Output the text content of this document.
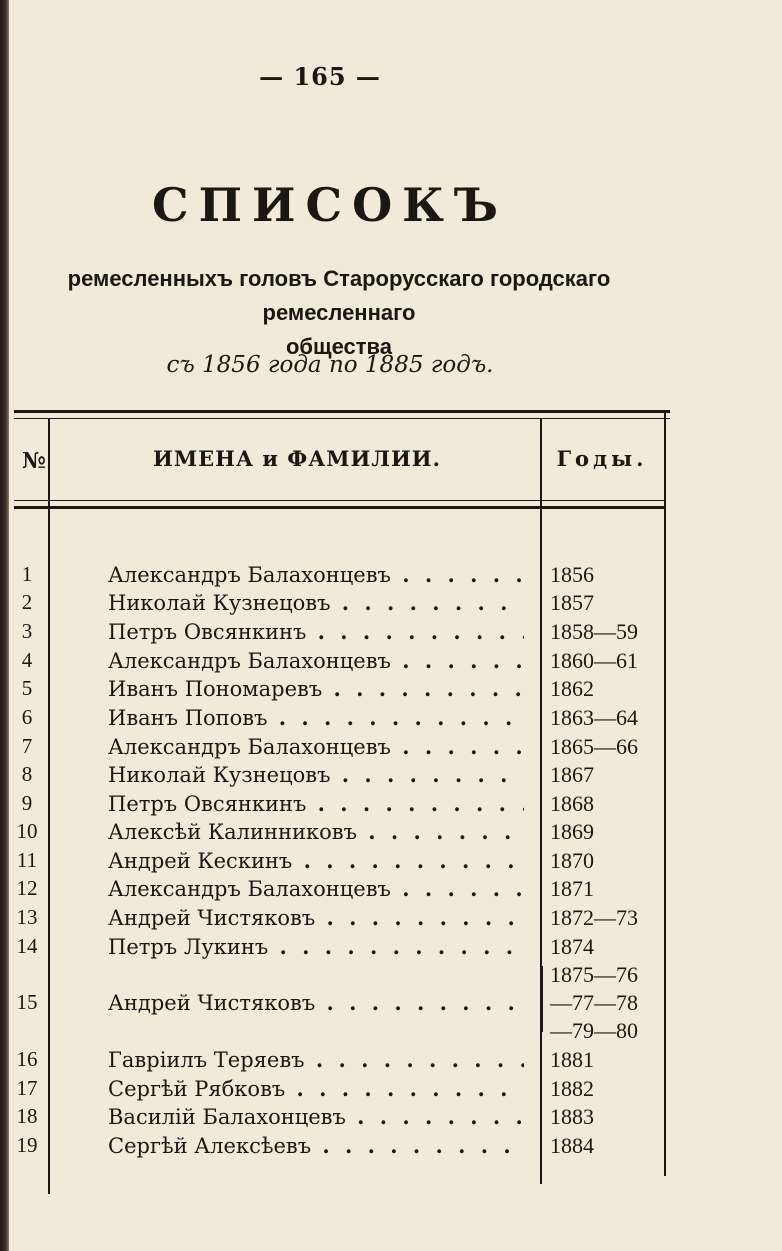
— 165 —
СПИСОКЪ
ремесленныхъ головъ Старорусскаго городскаго ремесленнаго
общества
съ 1856 года по 1885 годъ.
№	ИМЕНА и ФАМИЛИИ.	Годы.
1	Александръ Балахонцевъ . . .	1856
2	Николай Кузнецовъ . . .	1857
3	Петръ Овсянкинъ . . .	1858—59
4	Александръ Балахонцевъ . . .	1860—61
5	Иванъ Пономаревъ . . .	1862
6	Иванъ Поповъ . . .	1863—64
7	Александръ Балахонцевъ . . .	1865—66
8	Николай Кузнецовъ . . .	1867
9	Петръ Овсянкинъ . . .	1868
10	Алексѣй Калинниковъ . . .	1869
11	Андрей Кескинъ . . .	1870
12	Александръ Балахонцевъ . . .	1871
13	Андрей Чистяковъ . . .	1872—73
14	Петръ Лукинъ . . .	1874
15	Андрей Чистяковъ . . .
1875—76
—77—78
—79—80
16	Гавріилъ Теряевъ . . .	1881
17	Сергѣй Рябковъ . . .	1882
18	Василій Балахонцевъ . . .	1883
19	Сергѣй Алексѣевъ . . .	1884
